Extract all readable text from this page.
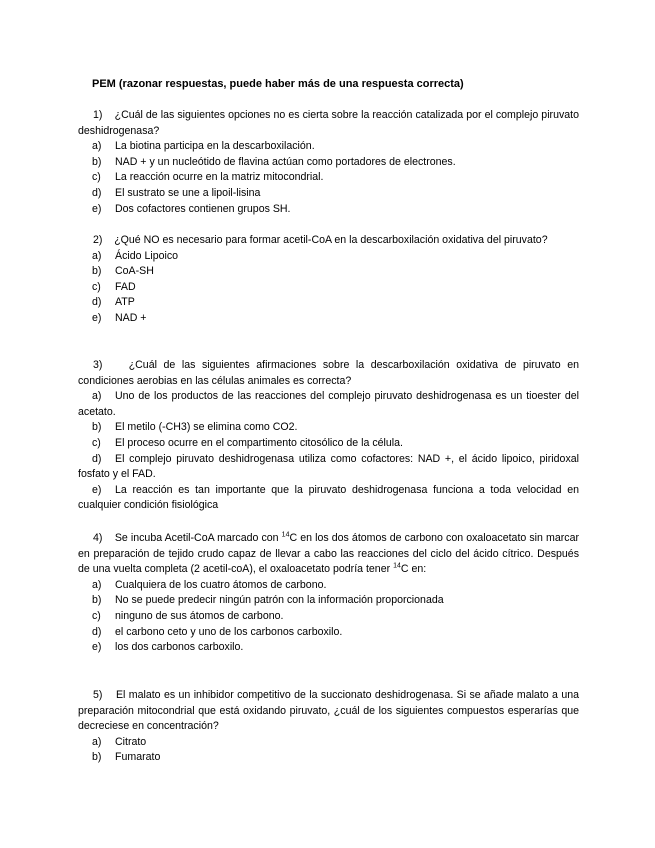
PEM (razonar respuestas, puede haber más de una respuesta correcta)

1) ¿Cuál de las siguientes opciones no es cierta sobre la reacción catalizada por el complejo piruvato deshidrogenasa?

a) La biotina participa en la descarboxilación.
b) NAD + y un nucleótido de flavina actúan como portadores de electrones.
c) La reacción ocurre en la matriz mitocondrial.
d) El sustrato se une a lipoil-lisina
e) Dos cofactores contienen grupos SH.

2) ¿Qué NO es necesario para formar acetil-CoA en la descarboxilación oxidativa del piruvato?

a) Ácido Lipoico
b) CoA-SH
c) FAD
d) ATP
e) NAD +

3) ¿Cuál de las siguientes afirmaciones sobre la descarboxilación oxidativa de piruvato en condiciones aerobias en las células animales es correcta?

a) Uno de los productos de las reacciones del complejo piruvato deshidrogenasa es un tioester del acetato.
b) El metilo (-CH3) se elimina como CO2.
c) El proceso ocurre en el compartimento citosólico de la célula.
d) El complejo piruvato deshidrogenasa utiliza como cofactores: NAD +, el ácido lipoico, piridoxal fosfato y el FAD.
e) La reacción es tan importante que la piruvato deshidrogenasa funciona a toda velocidad en cualquier condición fisiológica

4) Se incuba Acetil-CoA marcado con $^{14}$C en los dos átomos de carbono con oxaloacetato sin marcar en preparación de tejido crudo capaz de llevar a cabo las reacciones del ciclo del ácido cítrico. Después de una vuelta completa (2 acetil-coA), el oxaloacetato podría tener $^{14}$C en:

a) Cualquiera de los cuatro átomos de carbono.
b) No se puede predecir ningún patrón con la información proporcionada
c) ninguno de sus átomos de carbono.
d) el carbono ceto y uno de los carbonos carboxilo.
e) los dos carbonos carboxilo.

5) El malato es un inhibidor competitivo de la succionato deshidrogenasa. Si se añade malato a una preparación mitocondrial que está oxidando piruvato, ¿cuál de los siguientes compuestos esperarías que decreciese en concentración?

a) Citrato
b) Fumarato
